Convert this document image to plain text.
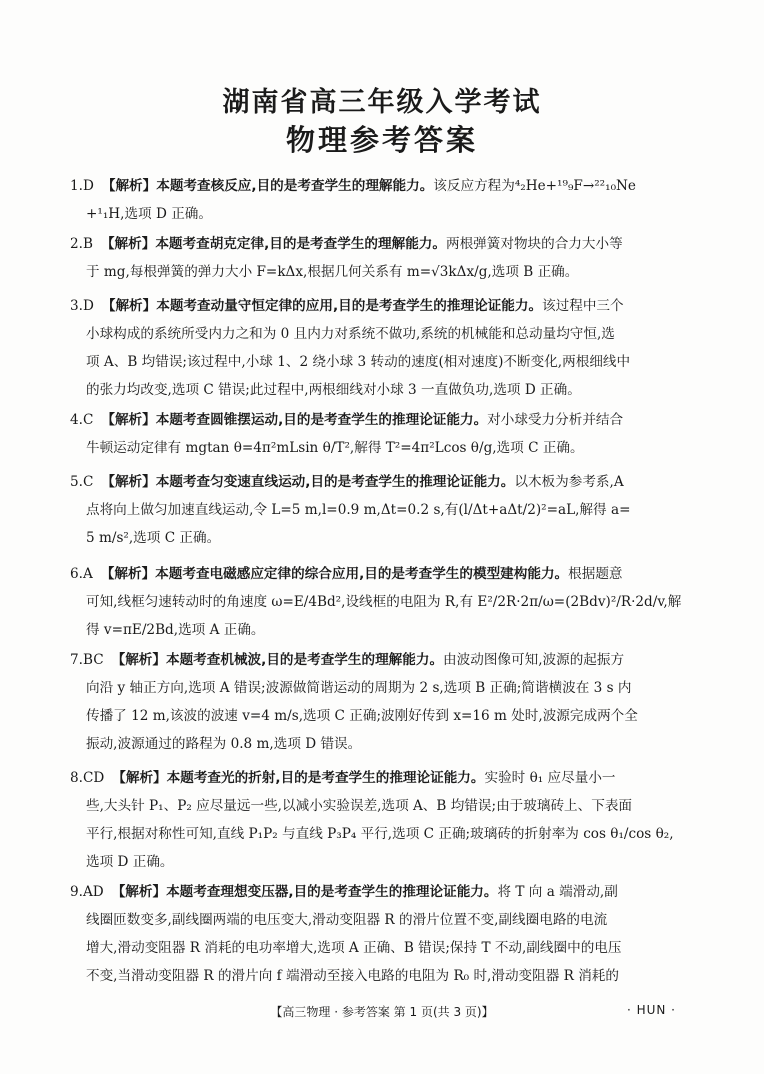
湖南省高三年级入学考试
物理参考答案
1.D 【解析】本题考查核反应,目的是考查学生的理解能力。该反应方程为⁴₂He+¹⁹₉F→²²₁₀Ne
+¹₁H,选项 D 正确。
2.B 【解析】本题考查胡克定律,目的是考查学生的理解能力。两根弹簧对物块的合力大小等
于 mg,每根弹簧的弹力大小 F=kΔx,根据几何关系有 m=√3kΔx/g,选项 B 正确。
3.D 【解析】本题考查动量守恒定律的应用,目的是考查学生的推理论证能力。该过程中三个
小球构成的系统所受内力之和为 0 且内力对系统不做功,系统的机械能和总动量均守恒,选
项 A、B 均错误;该过程中,小球 1、2 绕小球 3 转动的速度(相对速度)不断变化,两根细线中
的张力均改变,选项 C 错误;此过程中,两根细线对小球 3 一直做负功,选项 D 正确。
4.C 【解析】本题考查圆锥摆运动,目的是考查学生的推理论证能力。对小球受力分析并结合
牛顿运动定律有 mgtan θ=4π²mLsin θ/T²,解得 T²=4π²Lcos θ/g,选项 C 正确。
5.C 【解析】本题考查匀变速直线运动,目的是考查学生的推理论证能力。以木板为参考系,A
点将向上做匀加速直线运动,令 L=5 m,l=0.9 m,Δt=0.2 s,有(l/Δt+aΔt/2)²=aL,解得 a=
5 m/s²,选项 C 正确。
6.A 【解析】本题考查电磁感应定律的综合应用,目的是考查学生的模型建构能力。根据题意
可知,线框匀速转动时的角速度 ω=E/4Bd²,设线框的电阻为 R,有 E²/2R·2π/ω=(2Bdv)²/R·2d/v,解
得 v=πE/2Bd,选项 A 正确。
7.BC 【解析】本题考查机械波,目的是考查学生的理解能力。由波动图像可知,波源的起振方
向沿 y 轴正方向,选项 A 错误;波源做简谐运动的周期为 2 s,选项 B 正确;简谐横波在 3 s 内
传播了 12 m,该波的波速 v=4 m/s,选项 C 正确;波刚好传到 x=16 m 处时,波源完成两个全
振动,波源通过的路程为 0.8 m,选项 D 错误。
8.CD 【解析】本题考查光的折射,目的是考查学生的推理论证能力。实验时 θ₁ 应尽量小一
些,大头针 P₁、P₂ 应尽量远一些,以减小实验误差,选项 A、B 均错误;由于玻璃砖上、下表面
平行,根据对称性可知,直线 P₁P₂ 与直线 P₃P₄ 平行,选项 C 正确;玻璃砖的折射率为 cos θ₁/cos θ₂,
选项 D 正确。
9.AD 【解析】本题考查理想变压器,目的是考查学生的推理论证能力。将 T 向 a 端滑动,副
线圈匝数变多,副线圈两端的电压变大,滑动变阻器 R 的滑片位置不变,副线圈电路的电流
增大,滑动变阻器 R 消耗的电功率增大,选项 A 正确、B 错误;保持 T 不动,副线圈中的电压
不变,当滑动变阻器 R 的滑片向 f 端滑动至接入电路的电阻为 R₀ 时,滑动变阻器 R 消耗的
【高三物理 · 参考答案 第 1 页(共 3 页)】	· HUN ·
